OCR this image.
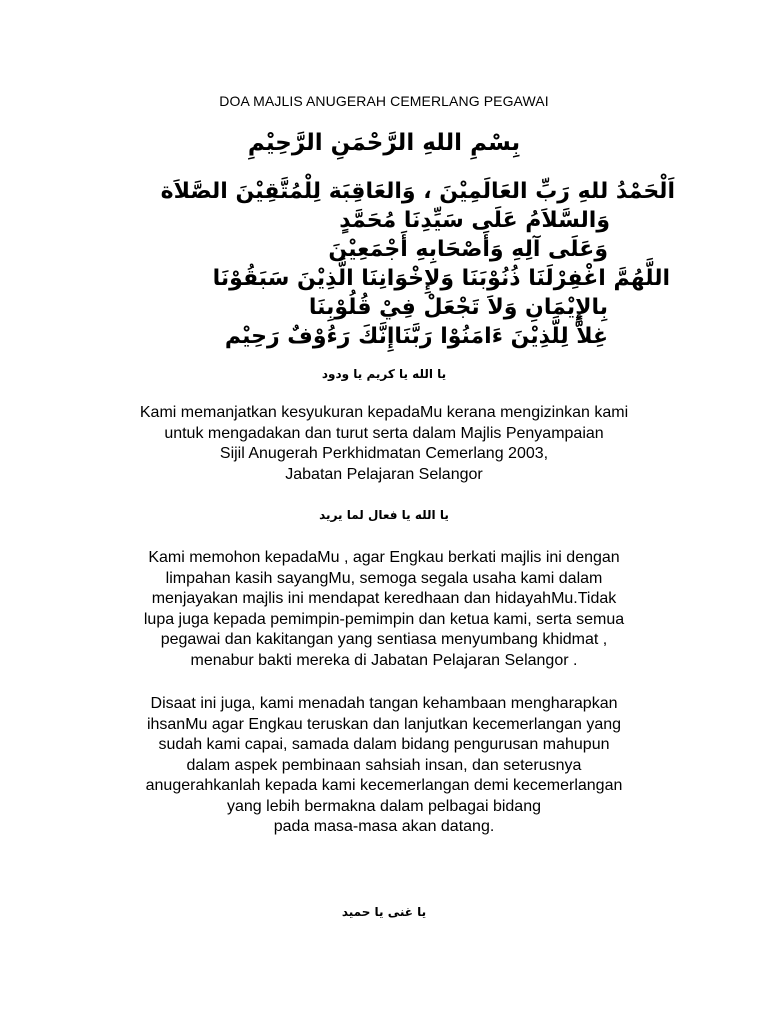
DOA MAJLIS ANUGERAH CEMERLANG PEGAWAI
بِسْمِ اللهِ الرَّحْمَنِ الرَّحِيْمِ
اَلْحَمْدُ للهِ رَبِّ العَالَمِيْنَ ، وَالعَاقِبَة لِلْمُتَّقِيْنَ الصَّلاَة
وَالسَّلاَمُ عَلَى سَيِّدِنَا مُحَمَّدٍ
وَعَلَى آلِهِ وَأَصْحَابِهِ أَجْمَعِيْنَ
اللَّهُمَّ اغْفِرْلَنَا ذُنُوْبَنَا وَلإِخْوَانِنَا الَّذِيْنَ سَبَقُوْنَا
بِالإِيْمَانِ وَلاَ تَجْعَلْ فِيْ قُلُوْبِنَا
غِلاًّ لِلَّذِيْنَ ءَامَنُوْا رَبَّنَاإِنَّكَ رَءُوْفٌ رَحِيْم
يا الله يا كريم يا ودود
Kami memanjatkan kesyukuran kepadaMu kerana mengizinkan kami
untuk mengadakan dan turut serta dalam Majlis Penyampaian
Sijil Anugerah Perkhidmatan Cemerlang 2003,
Jabatan Pelajaran Selangor
يا الله يا فعال لما يريد
Kami memohon kepadaMu , agar Engkau berkati majlis ini dengan
limpahan kasih sayangMu, semoga segala usaha kami dalam
menjayakan majlis ini mendapat keredhaan dan hidayahMu.Tidak
lupa juga kepada pemimpin-pemimpin dan ketua kami, serta semua
pegawai dan kakitangan yang sentiasa menyumbang khidmat ,
menabur bakti mereka di Jabatan Pelajaran Selangor .
Disaat ini juga, kami menadah tangan kehambaan mengharapkan
ihsanMu agar Engkau teruskan dan lanjutkan kecemerlangan yang
sudah kami capai, samada dalam bidang pengurusan mahupun
dalam aspek pembinaan sahsiah insan, dan seterusnya
anugerahkanlah kepada kami kecemerlangan demi kecemerlangan
yang lebih bermakna dalam pelbagai bidang
pada masa-masa akan datang.
يا غنى يا حميد
